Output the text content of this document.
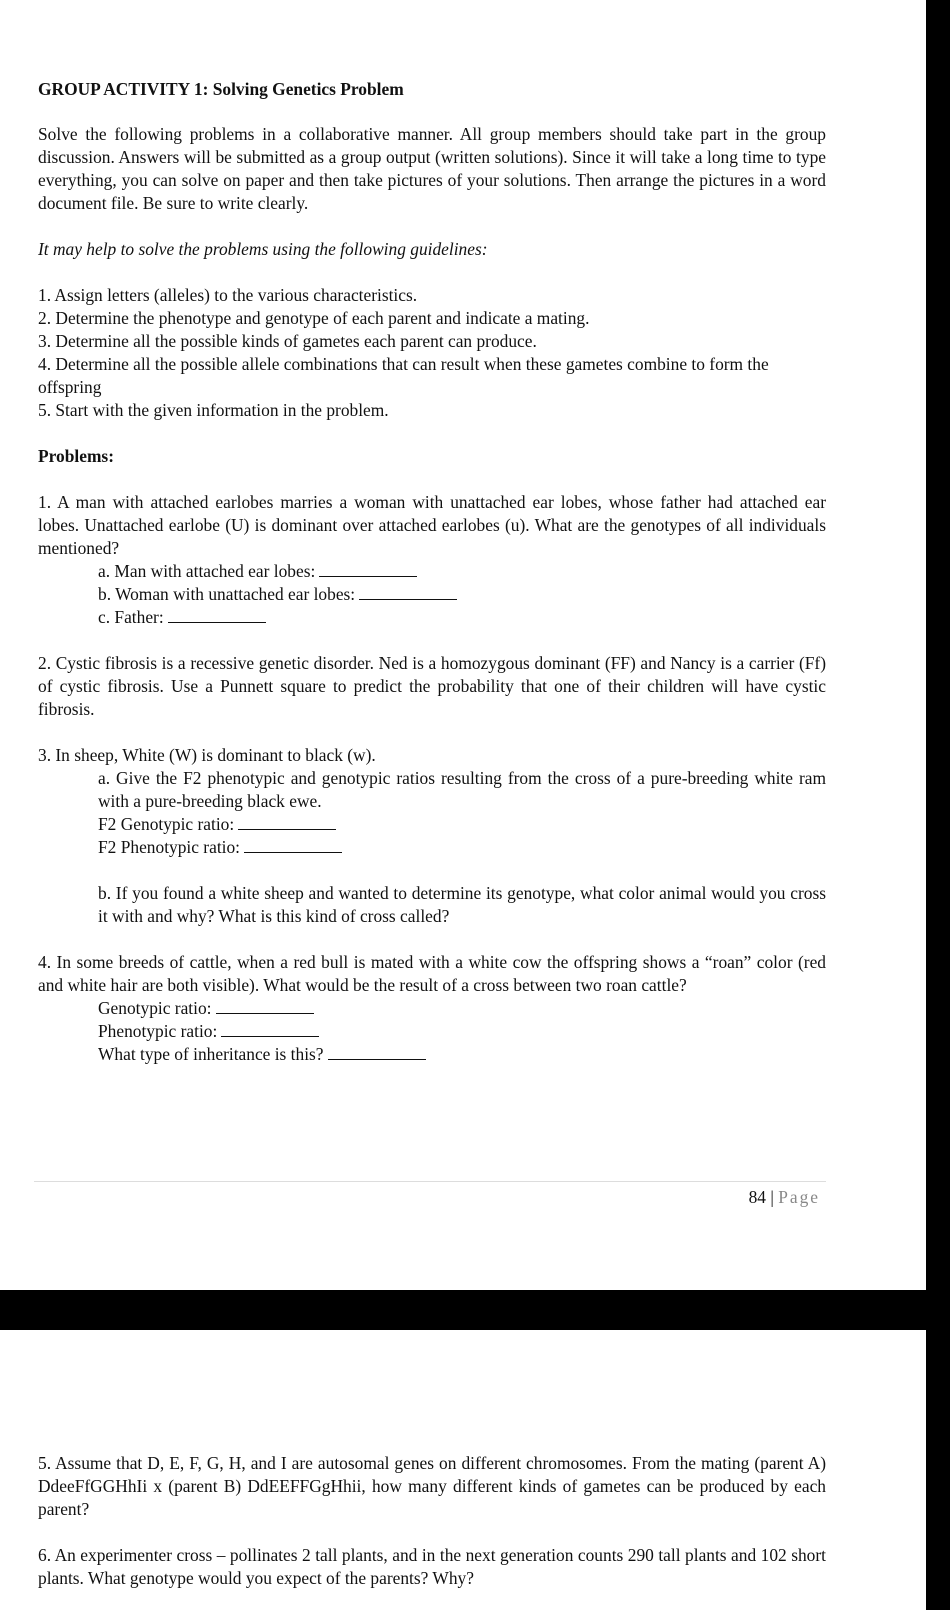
GROUP ACTIVITY 1: Solving Genetics Problem

Solve the following problems in a collaborative manner. All group members should take part in the group discussion. Answers will be submitted as a group output (written solutions). Since it will take a long time to type everything, you can solve on paper and then take pictures of your solutions. Then arrange the pictures in a word document file. Be sure to write clearly.

It may help to solve the problems using the following guidelines:

1. Assign letters (alleles) to the various characteristics.

2. Determine the phenotype and genotype of each parent and indicate a mating.

3. Determine all the possible kinds of gametes each parent can produce.

4. Determine all the possible allele combinations that can result when these gametes combine to form the offspring

5. Start with the given information in the problem.

Problems:

1. A man with attached earlobes marries a woman with unattached ear lobes, whose father had attached ear lobes. Unattached earlobe (U) is dominant over attached earlobes (u). What are the genotypes of all individuals mentioned?

a. Man with attached ear lobes:

b. Woman with unattached ear lobes:

c. Father:

2. Cystic fibrosis is a recessive genetic disorder. Ned is a homozygous dominant (FF) and Nancy is a carrier (Ff) of cystic fibrosis. Use a Punnett square to predict the probability that one of their children will have cystic fibrosis.

3. In sheep, White (W) is dominant to black (w).

a. Give the F2 phenotypic and genotypic ratios resulting from the cross of a pure-breeding white ram with a pure-breeding black ewe.

F2 Genotypic ratio:

F2 Phenotypic ratio:

b. If you found a white sheep and wanted to determine its genotype, what color animal would you cross it with and why? What is this kind of cross called?

4. In some breeds of cattle, when a red bull is mated with a white cow the offspring shows a “roan” color (red and white hair are both visible). What would be the result of a cross between two roan cattle?

Genotypic ratio:

Phenotypic ratio:

What type of inheritance is this?

84 | Page

5. Assume that D, E, F, G, H, and I are autosomal genes on different chromosomes. From the mating (parent A) DdeeFfGGHhIi x (parent B) DdEEFFGgHhii, how many different kinds of gametes can be produced by each parent?

6. An experimenter cross – pollinates 2 tall plants, and in the next generation counts 290 tall plants and 102 short plants. What genotype would you expect of the parents? Why?
